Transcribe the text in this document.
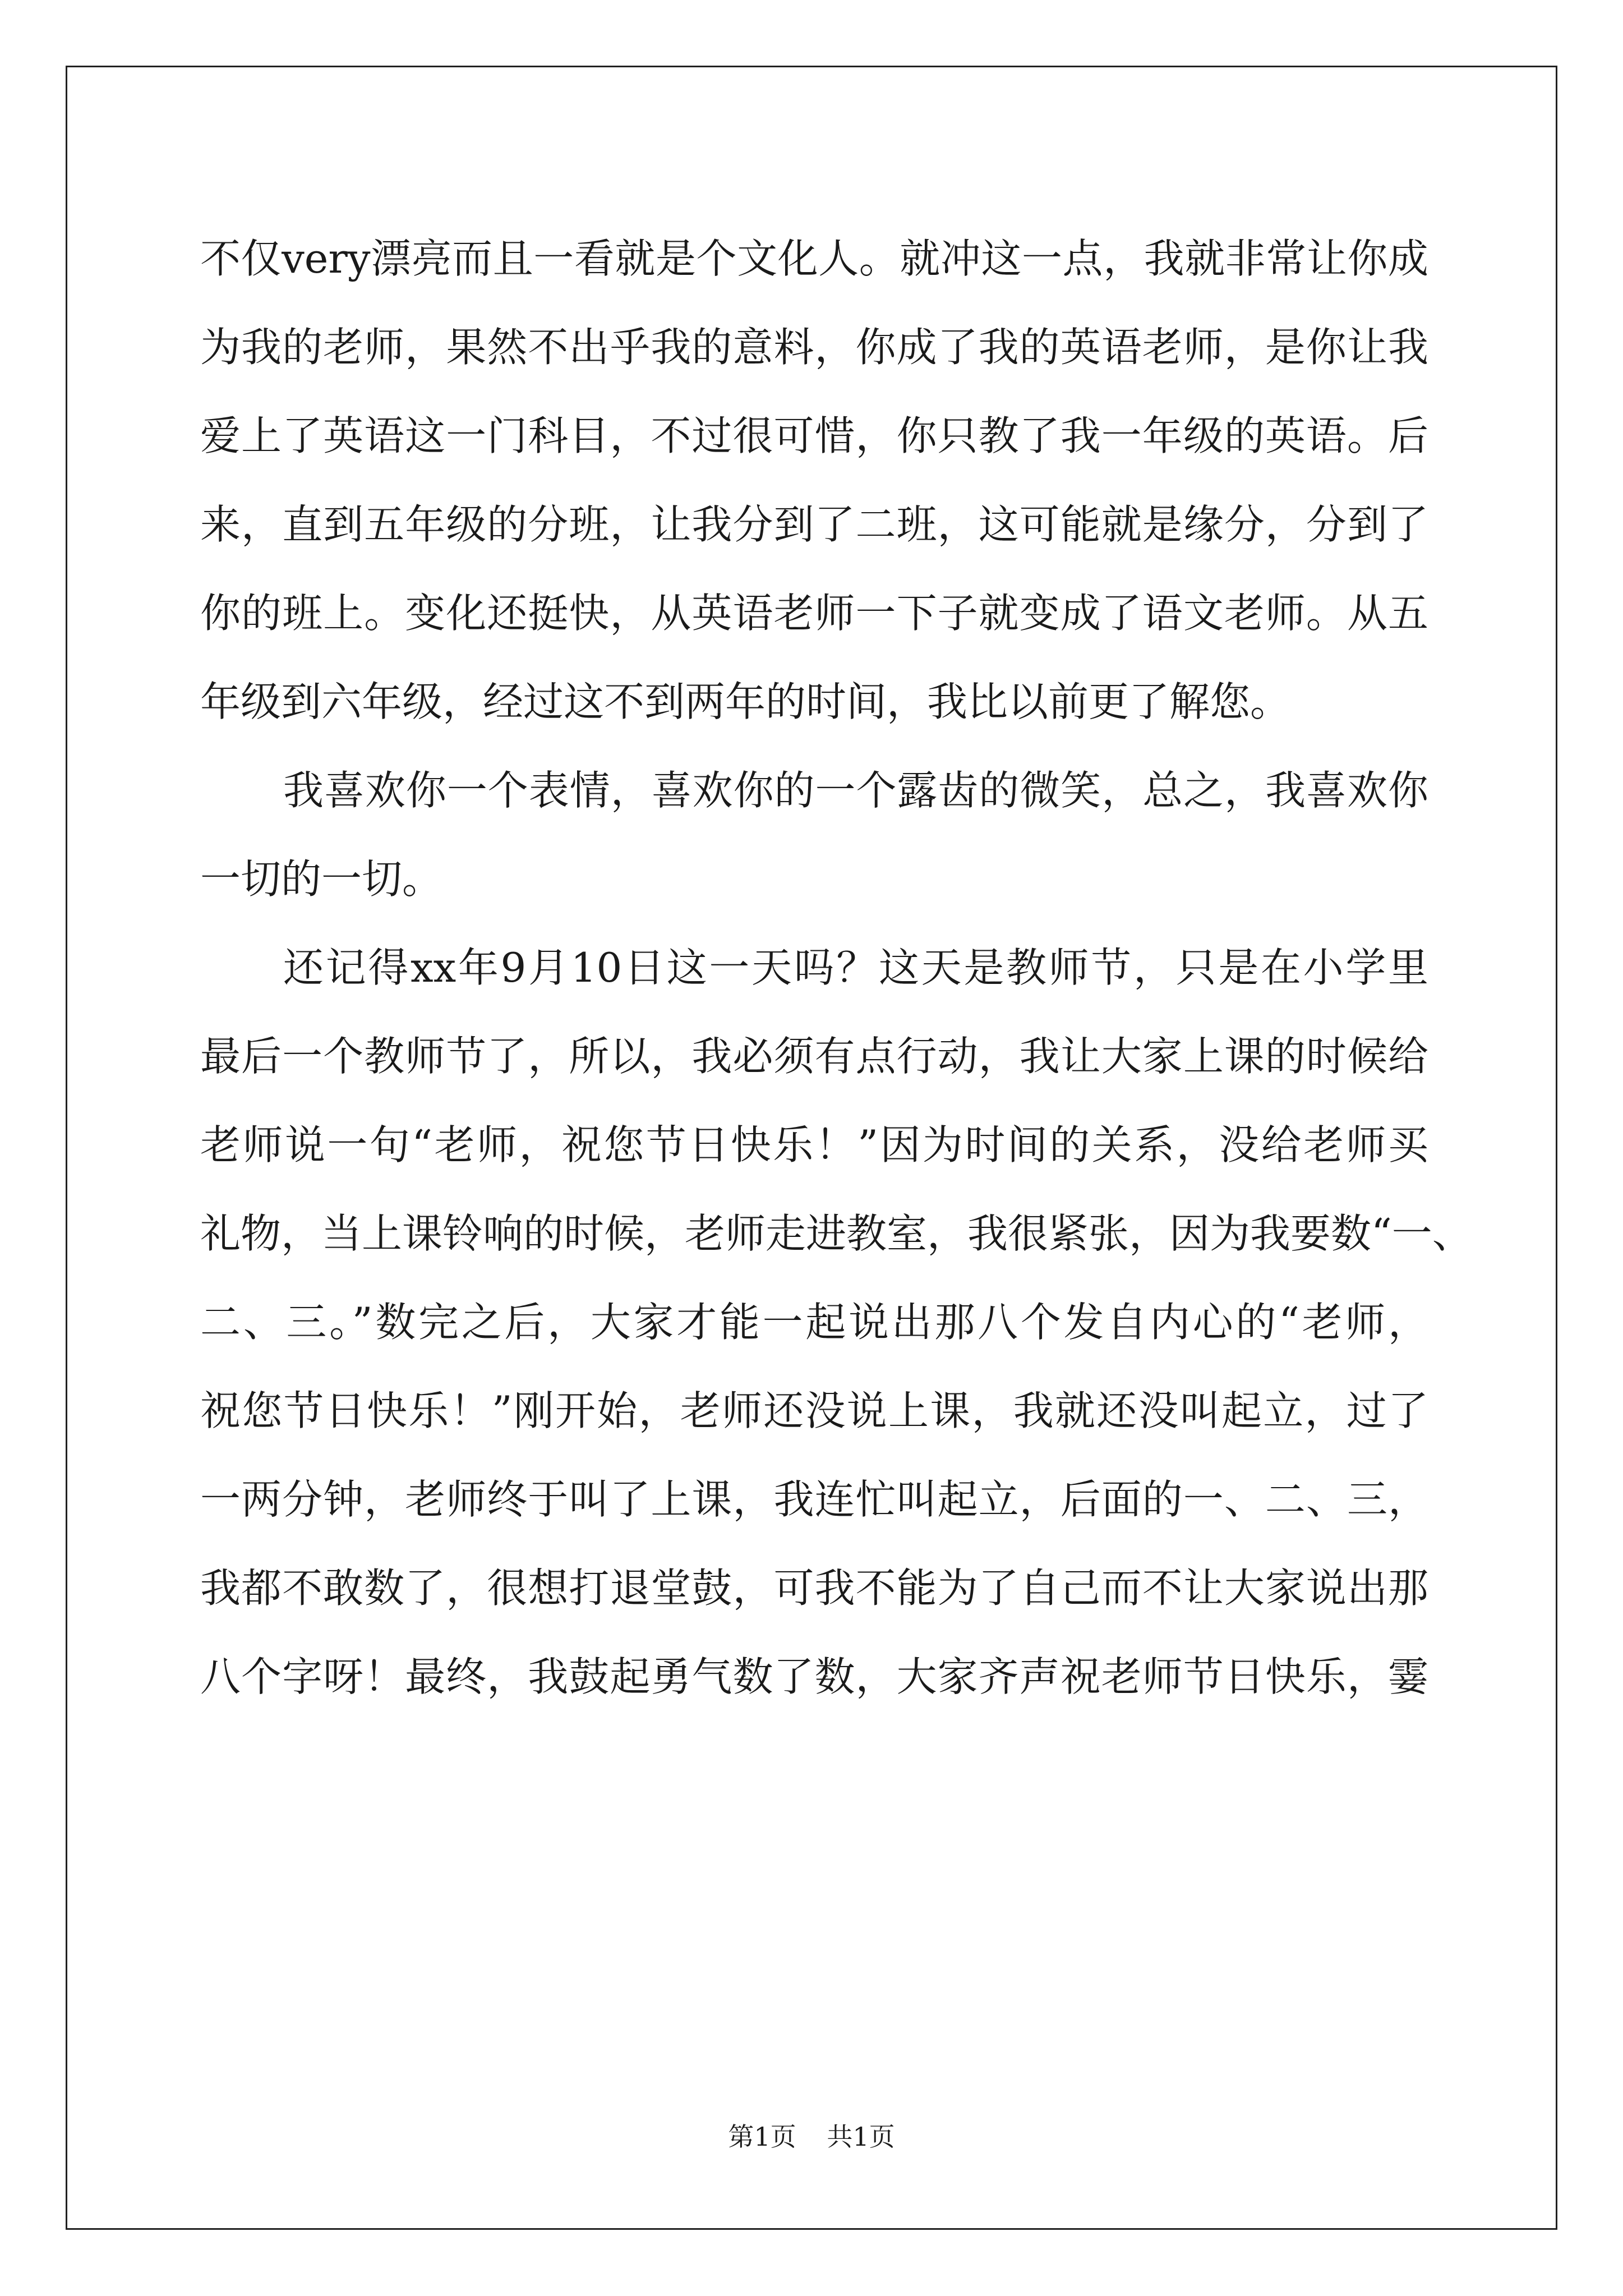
不仅very漂亮而且一看就是个文化人。就冲这一点，我就非常让你成
为我的老师，果然不出乎我的意料，你成了我的英语老师，是你让我
爱上了英语这一门科目，不过很可惜，你只教了我一年级的英语。后
来，直到五年级的分班，让我分到了二班，这可能就是缘分，分到了
你的班上。变化还挺快，从英语老师一下子就变成了语文老师。从五
年级到六年级，经过这不到两年的时间，我比以前更了解您。
我喜欢你一个表情，喜欢你的一个露齿的微笑，总之，我喜欢你
一切的一切。
还记得xx年9月10日这一天吗？这天是教师节，只是在小学里
最后一个教师节了，所以，我必须有点行动，我让大家上课的时候给
老师说一句“老师，祝您节日快乐！”因为时间的关系，没给老师买
礼物，当上课铃响的时候，老师走进教室，我很紧张，因为我要数“一、
二、三。”数完之后，大家才能一起说出那八个发自内心的“老师，
祝您节日快乐！”刚开始，老师还没说上课，我就还没叫起立，过了
一两分钟，老师终于叫了上课，我连忙叫起立，后面的一、二、三，
我都不敢数了，很想打退堂鼓，可我不能为了自己而不让大家说出那
八个字呀！最终，我鼓起勇气数了数，大家齐声祝老师节日快乐，霎
第1页 共1页
